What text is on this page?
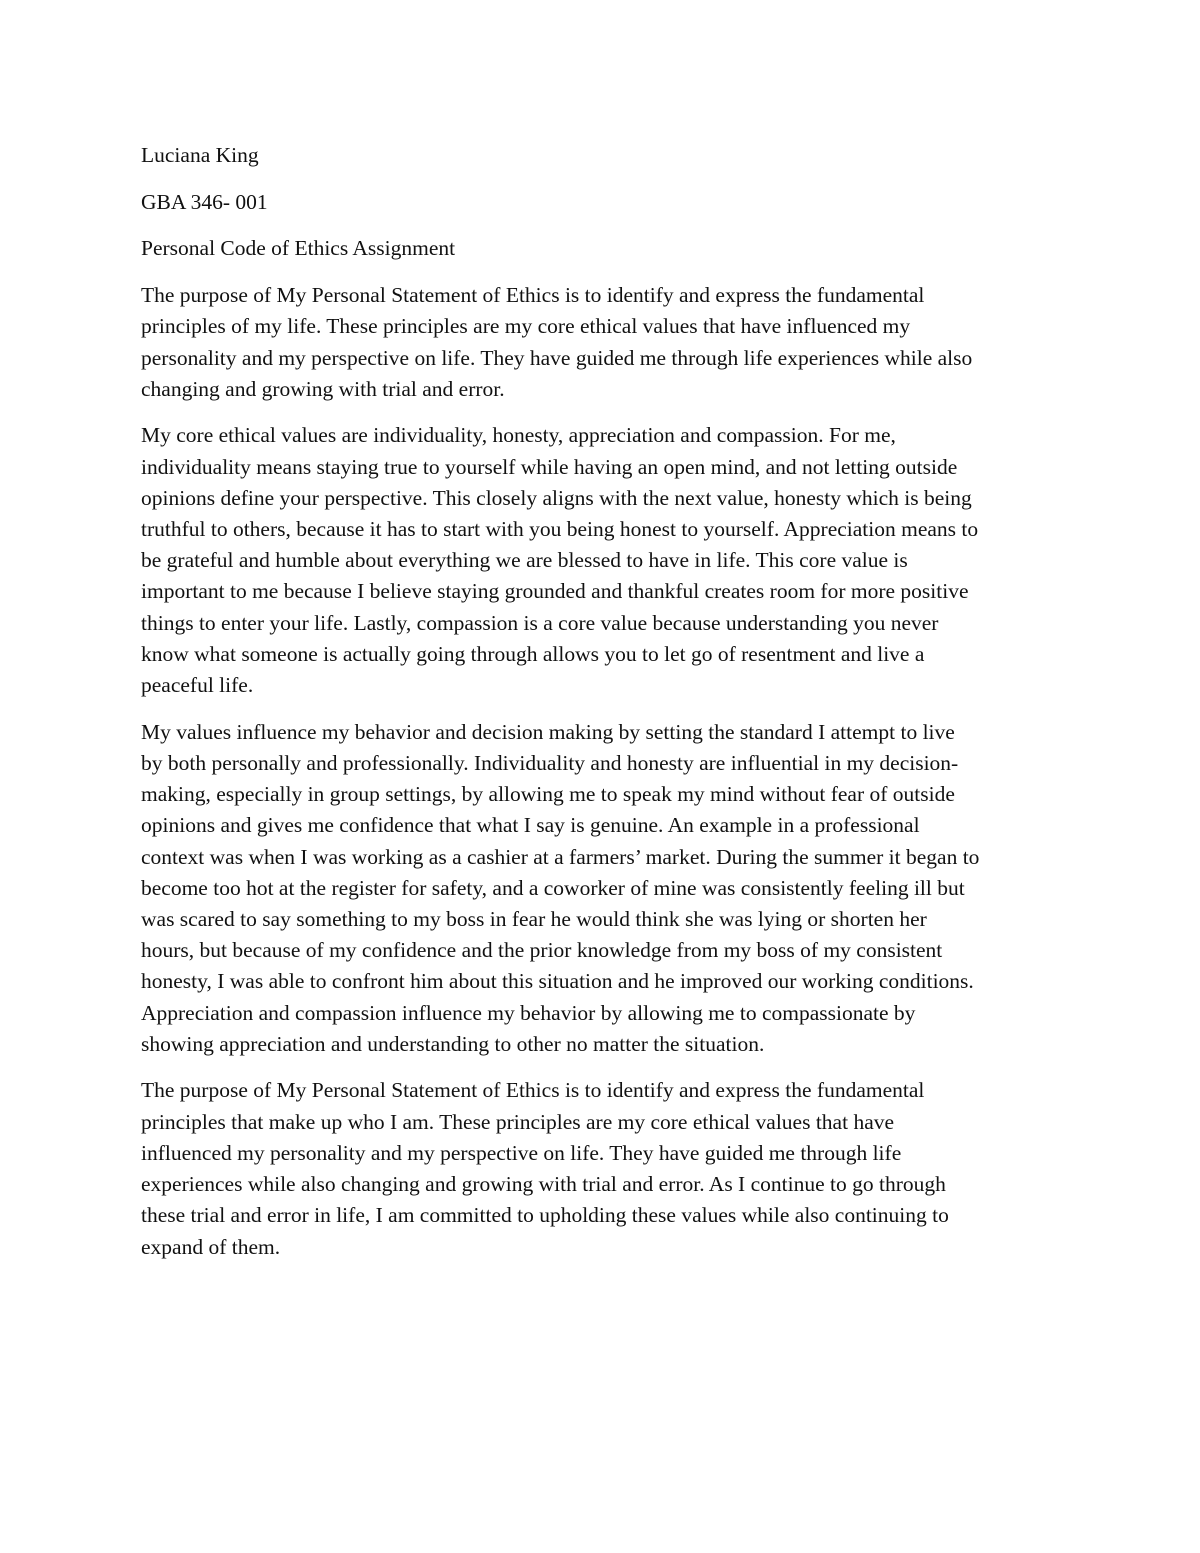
Luciana King
GBA 346- 001
Personal Code of Ethics Assignment
The purpose of My Personal Statement of Ethics is to identify and express the fundamental
principles of my life. These principles are my core ethical values that have influenced my
personality and my perspective on life. They have guided me through life experiences while also
changing and growing with trial and error.
My core ethical values are individuality, honesty, appreciation and compassion. For me,
individuality means staying true to yourself while having an open mind, and not letting outside
opinions define your perspective. This closely aligns with the next value, honesty which is being
truthful to others, because it has to start with you being honest to yourself. Appreciation means to
be grateful and humble about everything we are blessed to have in life. This core value is
important to me because I believe staying grounded and thankful creates room for more positive
things to enter your life. Lastly, compassion is a core value because understanding you never
know what someone is actually going through allows you to let go of resentment and live a
peaceful life.
My values influence my behavior and decision making by setting the standard I attempt to live
by both personally and professionally. Individuality and honesty are influential in my decision-
making, especially in group settings, by allowing me to speak my mind without fear of outside
opinions and gives me confidence that what I say is genuine. An example in a professional
context was when I was working as a cashier at a farmers’ market. During the summer it began to
become too hot at the register for safety, and a coworker of mine was consistently feeling ill but
was scared to say something to my boss in fear he would think she was lying or shorten her
hours, but because of my confidence and the prior knowledge from my boss of my consistent
honesty, I was able to confront him about this situation and he improved our working conditions.
Appreciation and compassion influence my behavior by allowing me to compassionate by
showing appreciation and understanding to other no matter the situation.
The purpose of My Personal Statement of Ethics is to identify and express the fundamental
principles that make up who I am. These principles are my core ethical values that have
influenced my personality and my perspective on life. They have guided me through life
experiences while also changing and growing with trial and error. As I continue to go through
these trial and error in life, I am committed to upholding these values while also continuing to
expand of them.
